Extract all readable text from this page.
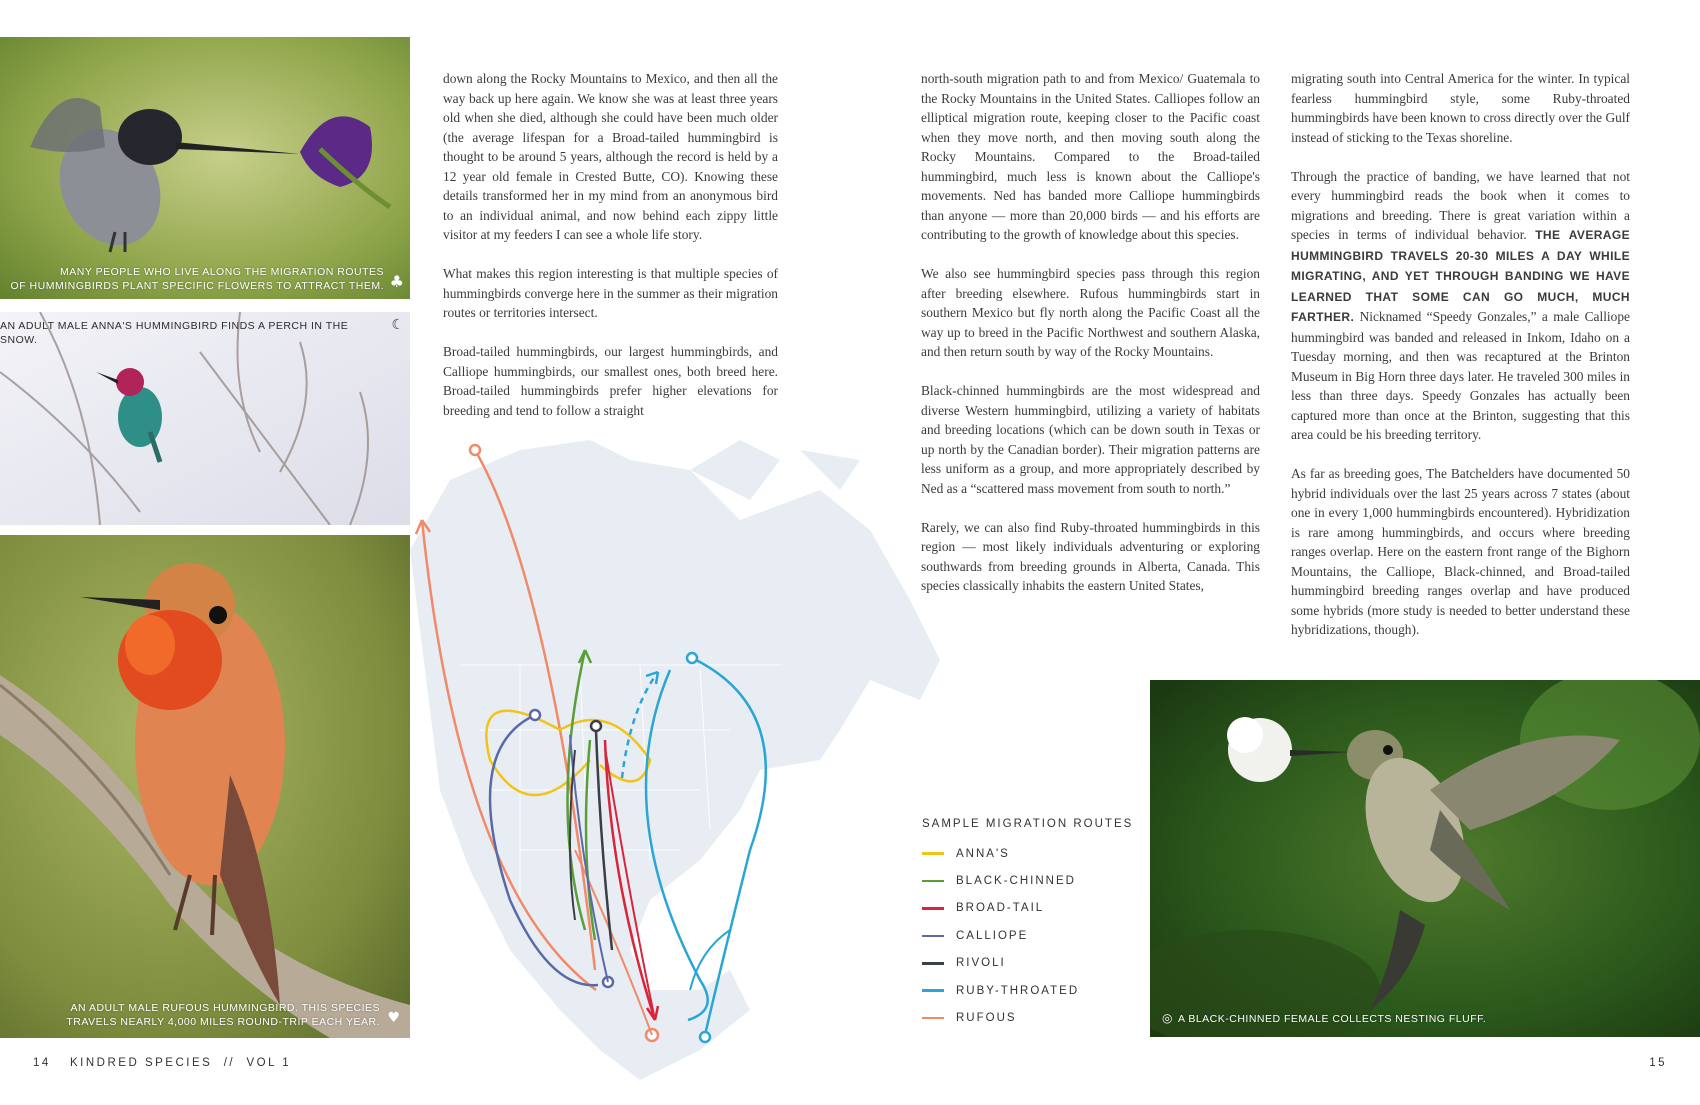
MANY PEOPLE WHO LIVE ALONG THE MIGRATION ROUTES
OF HUMMINGBIRDS PLANT SPECIFIC FLOWERS TO ATTRACT THEM. ♣
AN ADULT MALE ANNA'S HUMMINGBIRD FINDS A PERCH IN THE SNOW.
☾
AN ADULT MALE RUFOUS HUMMINGBIRD. THIS SPECIES
TRAVELS NEARLY 4,000 MILES ROUND-TRIP EACH YEAR. ♥

down along the Rocky Mountains to Mexico, and then all the way back up here again. We know she was at least three years old when she died, although she could have been much older (the average lifespan for a Broad-tailed hummingbird is thought to be around 5 years, although the record is held by a 12 year old female in Crested Butte, CO). Knowing these details transformed her in my mind from an anonymous bird to an individual animal, and now behind each zippy little visitor at my feeders I can see a whole life story.

What makes this region interesting is that multiple species of hummingbirds converge here in the summer as their migration routes or territories intersect.

Broad-tailed hummingbirds, our largest hummingbirds, and Calliope hummingbirds, our smallest ones, both breed here. Broad-tailed hummingbirds prefer higher elevations for breeding and tend to follow a straight

north-south migration path to and from Mexico/ Guatemala to the Rocky Mountains in the United States. Calliopes follow an elliptical migration route, keeping closer to the Pacific coast when they move north, and then moving south along the Rocky Mountains. Compared to the Broad-tailed hummingbird, much less is known about the Calliope's movements. Ned has banded more Calliope hummingbirds than anyone — more than 20,000 birds — and his efforts are contributing to the growth of knowledge about this species.

We also see hummingbird species pass through this region after breeding elsewhere. Rufous hummingbirds start in southern Mexico but fly north along the Pacific Coast all the way up to breed in the Pacific Northwest and southern Alaska, and then return south by way of the Rocky Mountains.

Black-chinned hummingbirds are the most widespread and diverse Western hummingbird, utilizing a variety of habitats and breeding locations (which can be down south in Texas or up north by the Canadian border). Their migration patterns are less uniform as a group, and more appropriately described by Ned as a “scattered mass movement from south to north.”

Rarely, we can also find Ruby-throated hummingbirds in this region — most likely individuals adventuring or exploring southwards from breeding grounds in Alberta, Canada. This species classically inhabits the eastern United States,

migrating south into Central America for the winter. In typical fearless hummingbird style, some Ruby-throated hummingbirds have been known to cross directly over the Gulf instead of sticking to the Texas shoreline.

Through the practice of banding, we have learned that not every hummingbird reads the book when it comes to migrations and breeding. There is great variation within a species in terms of individual behavior. THE AVERAGE HUMMINGBIRD TRAVELS 20-30 MILES A DAY WHILE MIGRATING, AND YET THROUGH BANDING WE HAVE LEARNED THAT SOME CAN GO MUCH, MUCH FARTHER. Nicknamed “Speedy Gonzales,” a male Calliope hummingbird was banded and released in Inkom, Idaho on a Tuesday morning, and then was recaptured at the Brinton Museum in Big Horn three days later. He traveled 300 miles in less than three days. Speedy Gonzales has actually been captured more than once at the Brinton, suggesting that this area could be his breeding territory.

As far as breeding goes, The Batchelders have documented 50 hybrid individuals over the last 25 years across 7 states (about one in every 1,000 hummingbirds encountered). Hybridization is rare among hummingbirds, and occurs where breeding ranges overlap. Here on the eastern front range of the Bighorn Mountains, the Calliope, Black-chinned, and Broad-tailed hummingbird breeding ranges overlap and have produced some hybrids (more study is needed to better understand these hybridizations, though).

SAMPLE MIGRATION ROUTES
ANNA'S
BLACK-CHINNED
BROAD-TAIL
CALLIOPE
RIVOLI
RUBY-THROATED
RUFOUS	◎ A BLACK-CHINNED FEMALE COLLECTS NESTING FLUFF.
14 KINDRED SPECIES  //  VOL 1	15
